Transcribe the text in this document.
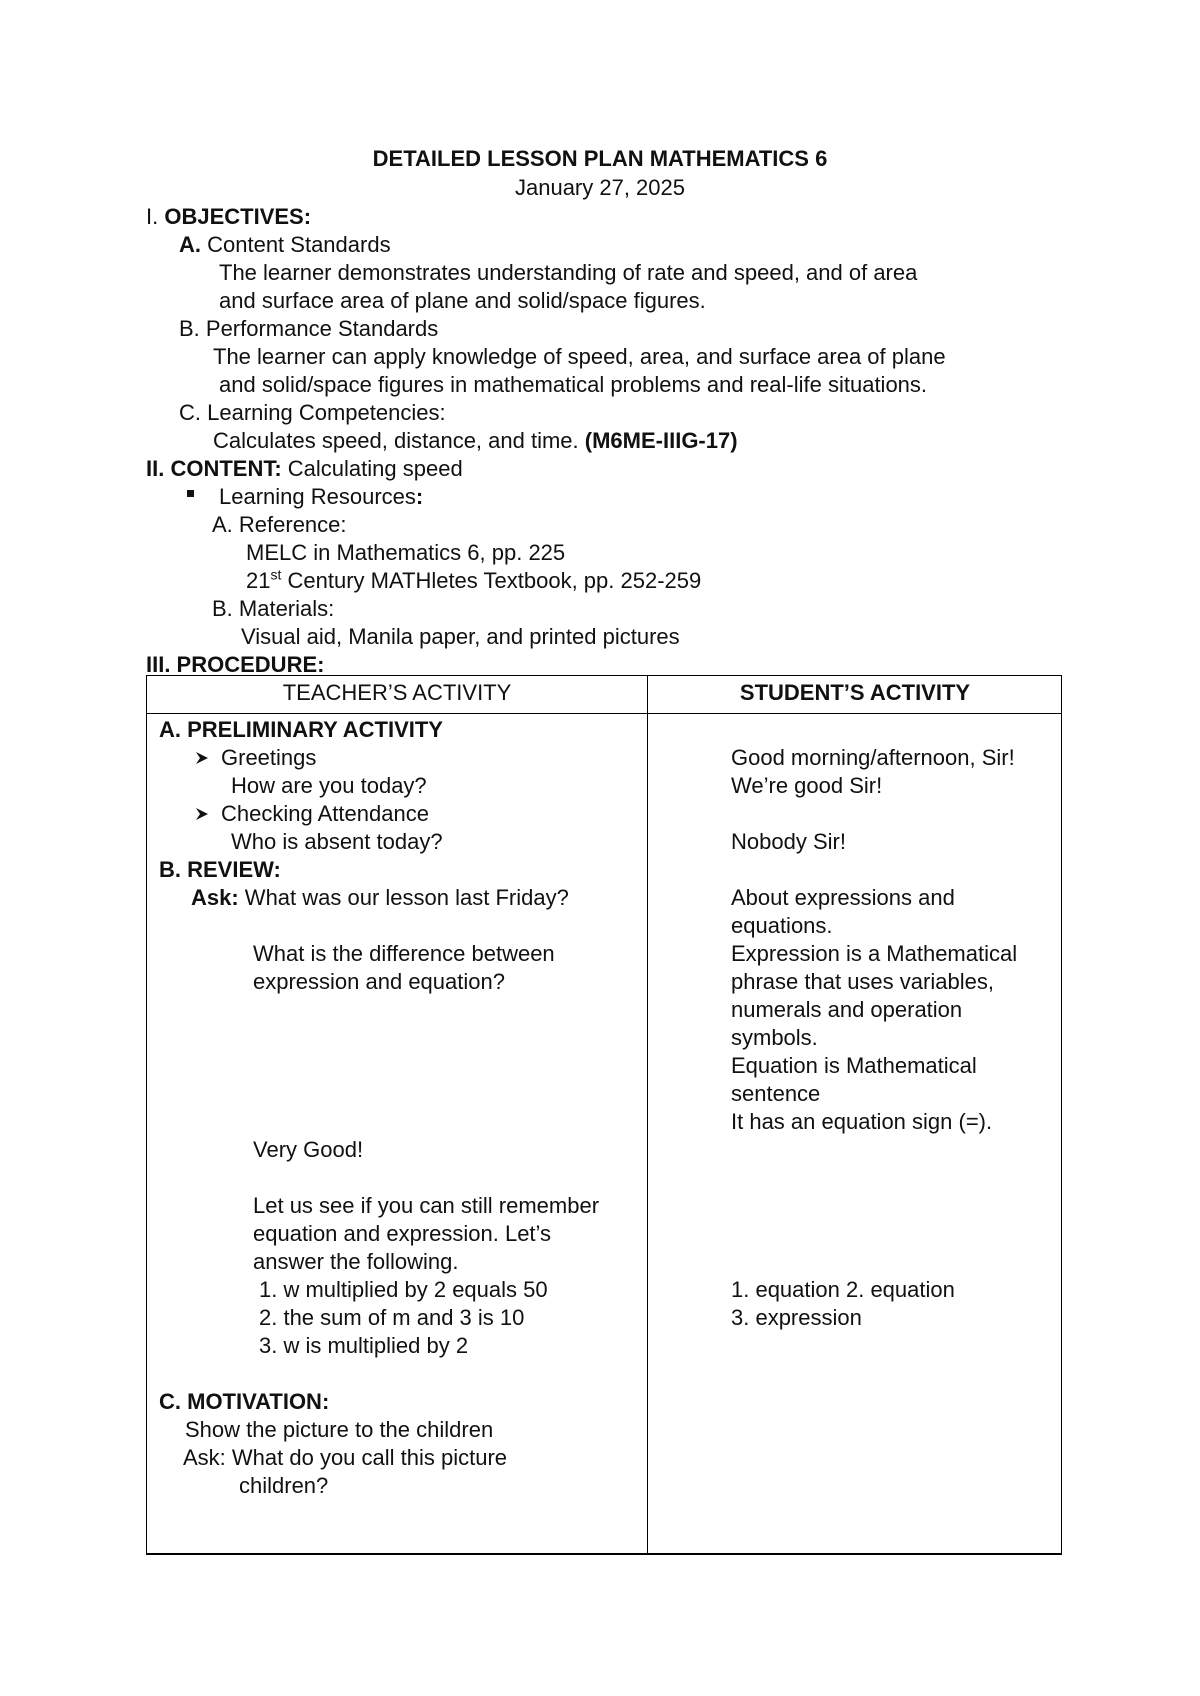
DETAILED LESSON PLAN MATHEMATICS 6
January 27, 2025
I. OBJECTIVES:
A. Content Standards
The learner demonstrates understanding of rate and speed, and of area
and surface area of plane and solid/space figures.
B. Performance Standards
The learner can apply knowledge of speed, area, and surface area of plane
and solid/space figures in mathematical problems and real-life situations.
C. Learning Competencies:
Calculates speed, distance, and time. (M6ME-IIIG-17)
II. CONTENT: Calculating speed
Learning Resources:
A. Reference:
MELC in Mathematics 6, pp. 225
21st Century MATHletes Textbook, pp. 252-259
B. Materials:
Visual aid, Manila paper, and printed pictures
III. PROCEDURE:
TEACHER’S ACTIVITY	STUDENT’S ACTIVITY
A. PRELIMINARY ACTIVITY
Greetings
How are you today?
Checking Attendance
Who is absent today?
B. REVIEW:
Ask: What was our lesson last Friday?
What is the difference between
expression and equation?
Very Good!
Let us see if you can still remember
equation and expression. Let’s
answer the following.
1. w multiplied by 2 equals 50
2. the sum of m and 3 is 10
3. w is multiplied by 2
C. MOTIVATION:
Show the picture to the children
Ask: What do you call this picture
children?
Good morning/afternoon, Sir!
We’re good Sir!
Nobody Sir!
About expressions and
equations.
Expression is a Mathematical
phrase that uses variables,
numerals and operation
symbols.
Equation is Mathematical
sentence
It has an equation sign (=).
1. equation 2. equation
3. expression
